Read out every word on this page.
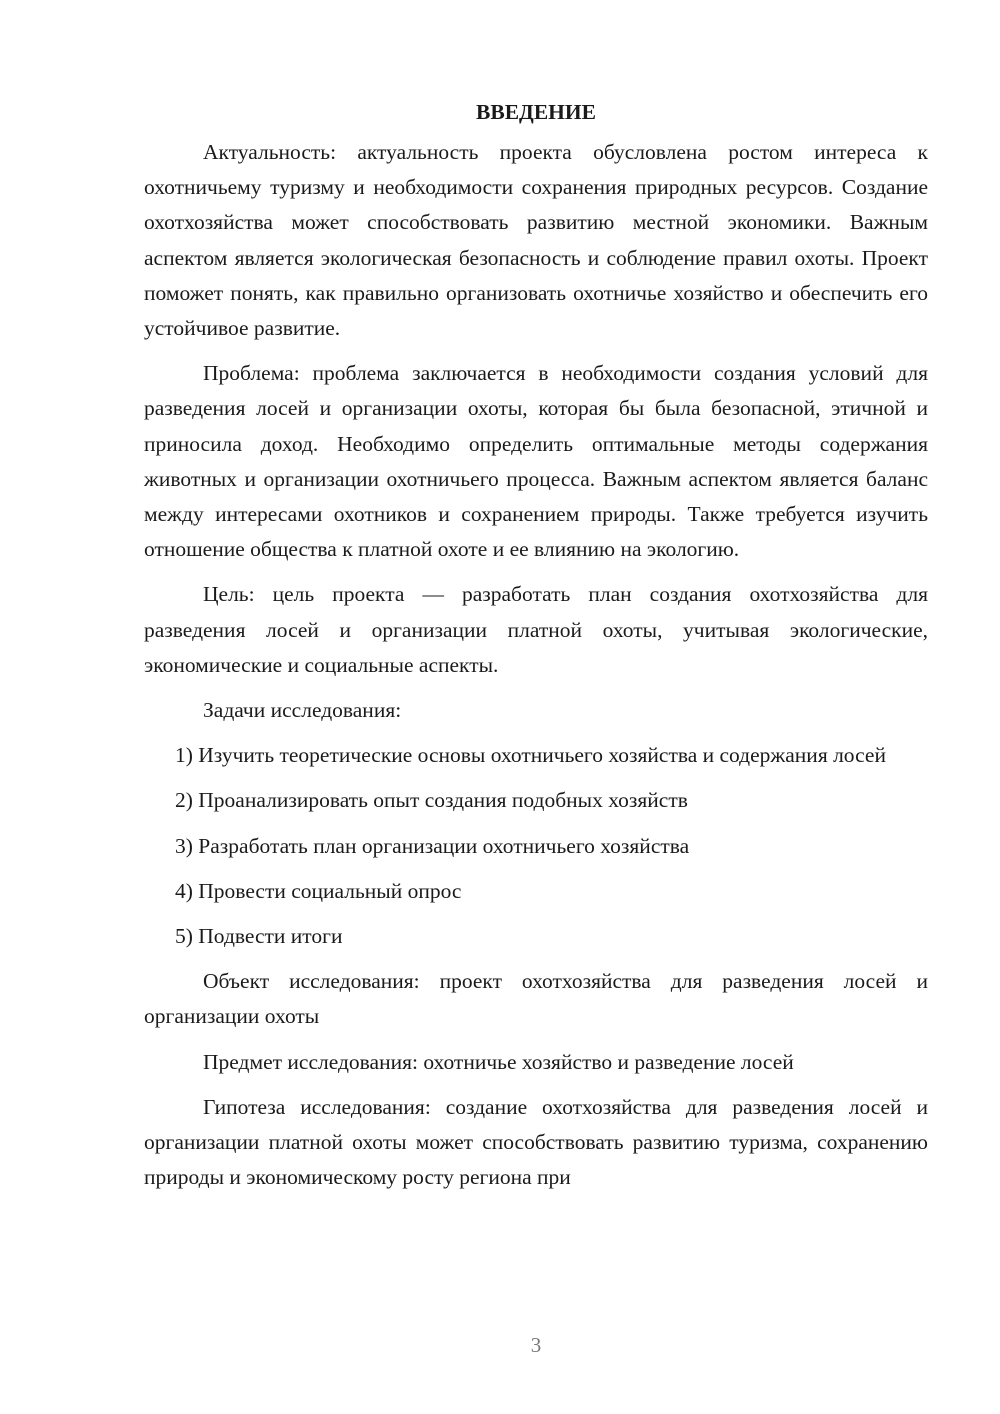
ВВЕДЕНИЕ

Актуальность: актуальность проекта обусловлена ростом интереса к охотничьему туризму и необходимости сохранения природных ресурсов. Создание охотхозяйства может способствовать развитию местной экономики. Важным аспектом является экологическая безопасность и соблюдение правил охоты. Проект поможет понять, как правильно организовать охотничье хозяйство и обеспечить его устойчивое развитие.

Проблема: проблема заключается в необходимости создания условий для разведения лосей и организации охоты, которая бы была безопасной, этичной и приносила доход. Необходимо определить оптимальные методы содержания животных и организации охотничьего процесса. Важным аспектом является баланс между интересами охотников и сохранением природы. Также требуется изучить отношение общества к платной охоте и ее влиянию на экологию.

Цель: цель проекта — разработать план создания охотхозяйства для разведения лосей и организации платной охоты, учитывая экологические, экономические и социальные аспекты.

Задачи исследования:

1) Изучить теоретические основы охотничьего хозяйства и содержания лосей

2) Проанализировать опыт создания подобных хозяйств

3) Разработать план организации охотничьего хозяйства

4) Провести социальный опрос

5) Подвести итоги

Объект исследования: проект охотхозяйства для разведения лосей и организации охоты

Предмет исследования: охотничье хозяйство и разведение лосей

Гипотеза исследования: создание охотхозяйства для разведения лосей и организации платной охоты может способствовать развитию туризма, сохранению природы и экономическому росту региона при

3
